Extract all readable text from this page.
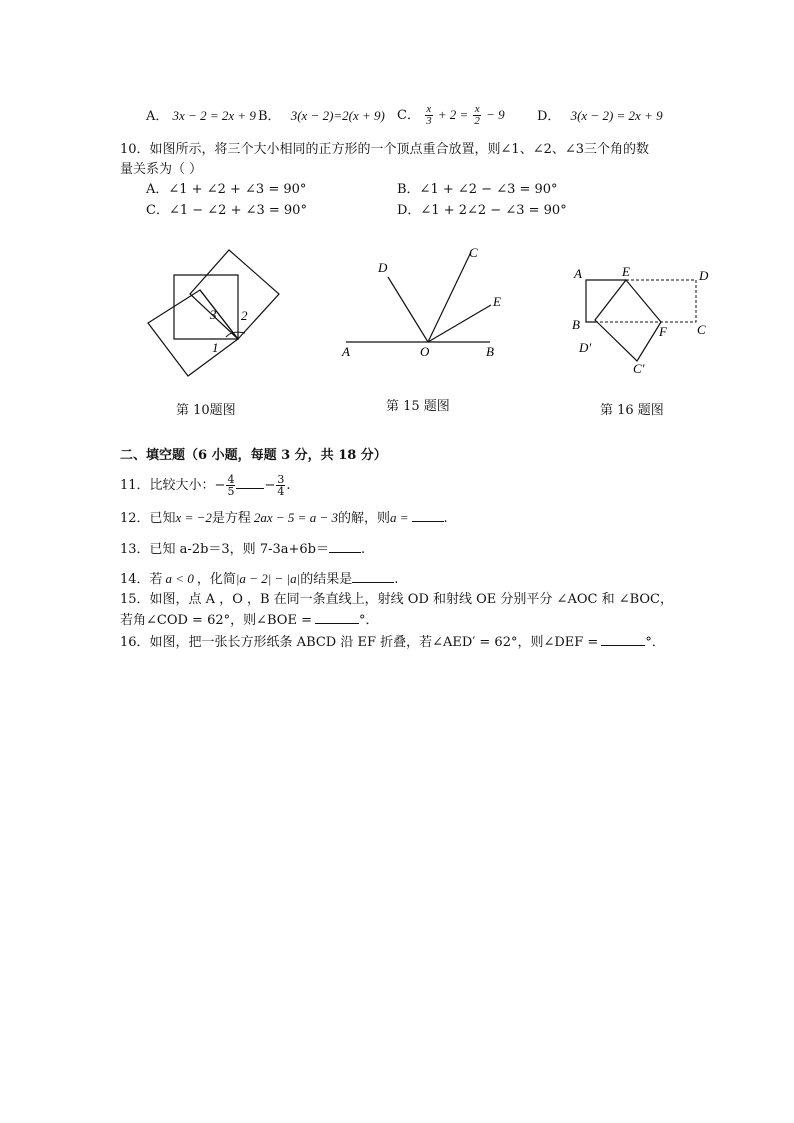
A． 3x − 2 = 2x + 9 B． 3(x − 2)=2(x + 9) C． $\frac{x}{3} + 2 = \frac{x}{2} - 9$ D． 3(x − 2) = 2x + 9
10．如图所示，将三个大小相同的正方形的一个顶点重合放置，则∠1、∠2、∠3三个角的数
量关系为（ ）
A．∠1 + ∠2 + ∠3 = 90°	B．∠1 + ∠2 − ∠3 = 90°
C．∠1 − ∠2 + ∠3 = 90°	D．∠1 + 2∠2 − ∠3 = 90°
3 2
1
第 10题图
D
C
E
A	O	B
第 15 题图
A	E	D
B	F C
D′
C′
第 16 题图
二、填空题（6 小题，每题 3 分，共 18 分）
11．比较大小：− $\frac{4}{5} - \frac{3}{4}$ .
12．已知x = −2是方程 2ax − 5 = a − 3的解，则a =	.
13．已知 a-2b＝3，则 7-3a+6b＝ .
14．若 a < 0 ，化简|a − 2| − |a|的结果是	.
15．如图，点 A ，O ，B 在同一条直线上，射线 OD 和射线 OE 分别平分 ∠AOC 和 ∠BOC，
若角∠COD = 62°，则∠BOE =	°．
16．如图，把一张长方形纸条 ABCD 沿 EF 折叠，若∠AED′ = 62°，则∠DEF =	°．
